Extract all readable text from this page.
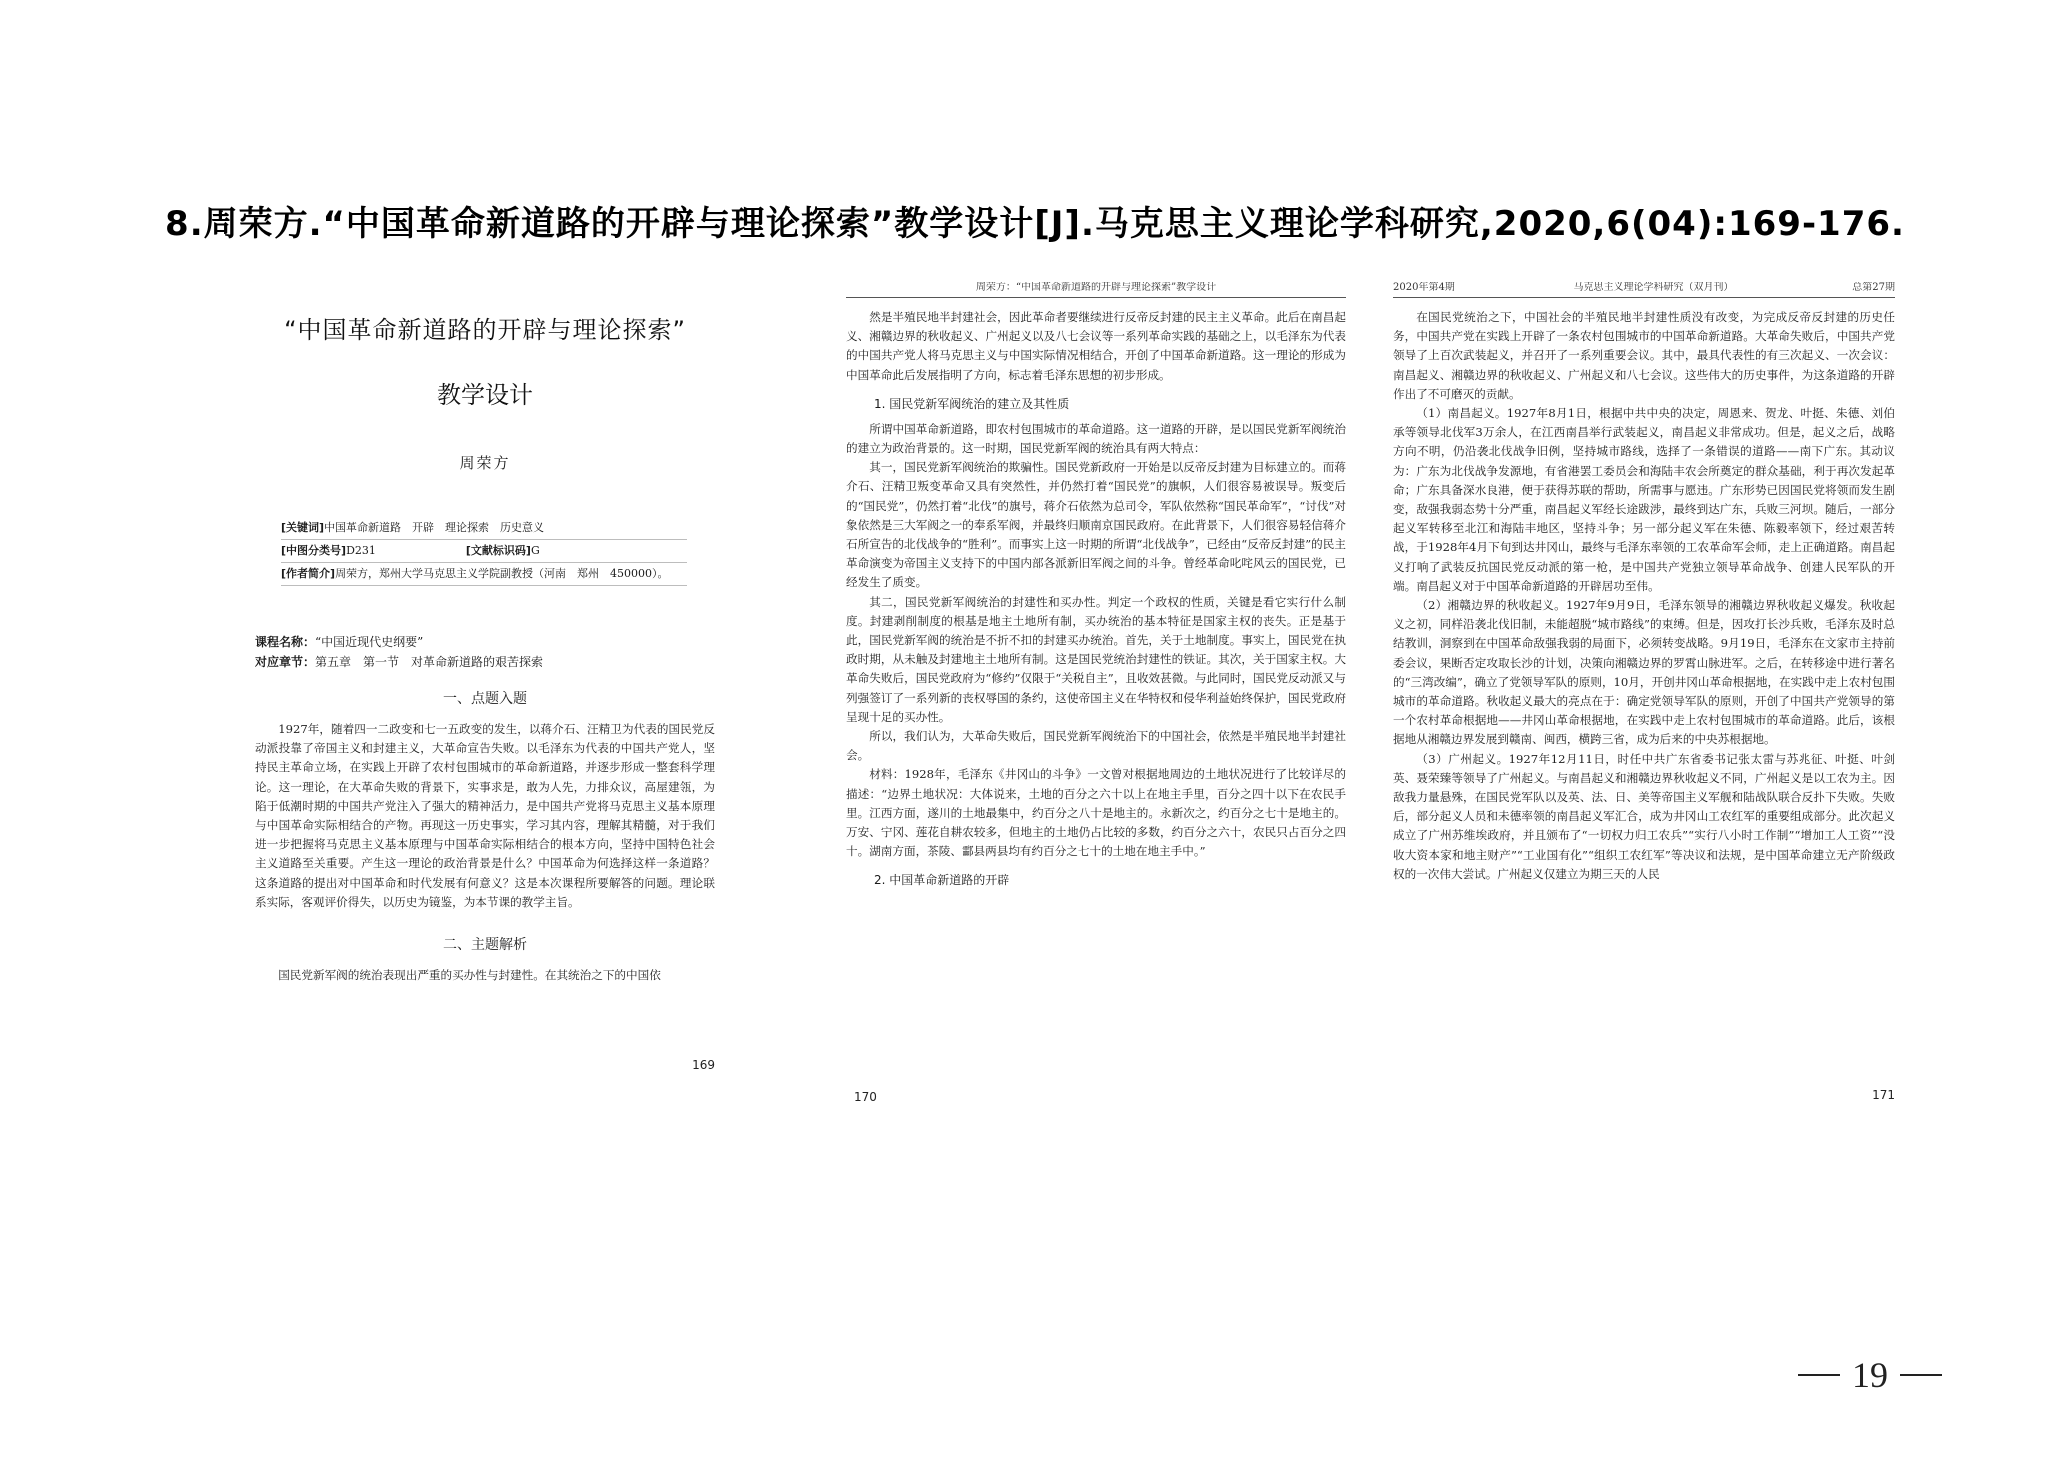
8.周荣方.“中国革命新道路的开辟与理论探索”教学设计[J].马克思主义理论学科研究,2020,6(04):169-176.
“中国革命新道路的开辟与理论探索”
教学设计
周荣方
[关键词]中国革命新道路　开辟　理论探索　历史意义
[中图分类号]D231	[文献标识码]G
[作者简介]周荣方，郑州大学马克思主义学院副教授（河南　郑州　450000）。
课程名称：“中国近现代史纲要”
对应章节：第五章　第一节　对革命新道路的艰苦探索
一、点题入题

1927年，随着四一二政变和七一五政变的发生，以蒋介石、汪精卫为代表的国民党反动派投靠了帝国主义和封建主义，大革命宣告失败。以毛泽东为代表的中国共产党人，坚持民主革命立场，在实践上开辟了农村包围城市的革命新道路，并逐步形成一整套科学理论。这一理论，在大革命失败的背景下，实事求是，敢为人先，力排众议，高屋建瓴，为陷于低潮时期的中国共产党注入了强大的精神活力，是中国共产党将马克思主义基本原理与中国革命实际相结合的产物。再现这一历史事实，学习其内容，理解其精髓，对于我们进一步把握将马克思主义基本原理与中国革命实际相结合的根本方向，坚持中国特色社会主义道路至关重要。产生这一理论的政治背景是什么？中国革命为何选择这样一条道路？这条道路的提出对中国革命和时代发展有何意义？这是本次课程所要解答的问题。理论联系实际，客观评价得失，以历史为镜鉴，为本节课的教学主旨。

二、主题解析

国民党新军阀的统治表现出严重的买办性与封建性。在其统治之下的中国依

169
周荣方：“中国革命新道路的开辟与理论探索”教学设计

然是半殖民地半封建社会，因此革命者要继续进行反帝反封建的民主主义革命。此后在南昌起义、湘赣边界的秋收起义、广州起义以及八七会议等一系列革命实践的基础之上，以毛泽东为代表的中国共产党人将马克思主义与中国实际情况相结合，开创了中国革命新道路。这一理论的形成为中国革命此后发展指明了方向，标志着毛泽东思想的初步形成。

1. 国民党新军阀统治的建立及其性质

所谓中国革命新道路，即农村包围城市的革命道路。这一道路的开辟，是以国民党新军阀统治的建立为政治背景的。这一时期，国民党新军阀的统治具有两大特点：

其一，国民党新军阀统治的欺骗性。国民党新政府一开始是以反帝反封建为目标建立的。而蒋介石、汪精卫叛变革命又具有突然性，并仍然打着“国民党”的旗帜，人们很容易被误导。叛变后的“国民党”，仍然打着“北伐”的旗号，蒋介石依然为总司令，军队依然称“国民革命军”，“讨伐”对象依然是三大军阀之一的奉系军阀，并最终归顺南京国民政府。在此背景下，人们很容易轻信蒋介石所宣告的北伐战争的“胜利”。而事实上这一时期的所谓“北伐战争”，已经由“反帝反封建”的民主革命演变为帝国主义支持下的中国内部各派新旧军阀之间的斗争。曾经革命叱咤风云的国民党，已经发生了质变。

其二，国民党新军阀统治的封建性和买办性。判定一个政权的性质，关键是看它实行什么制度。封建剥削制度的根基是地主土地所有制，买办统治的基本特征是国家主权的丧失。正是基于此，国民党新军阀的统治是不折不扣的封建买办统治。首先，关于土地制度。事实上，国民党在执政时期，从未触及封建地主土地所有制。这是国民党统治封建性的铁证。其次，关于国家主权。大革命失败后，国民党政府为“修约”仅限于“关税自主”，且收效甚微。与此同时，国民党反动派又与列强签订了一系列新的丧权辱国的条约，这使帝国主义在华特权和侵华利益始终保护，国民党政府呈现十足的买办性。

所以，我们认为，大革命失败后，国民党新军阀统治下的中国社会，依然是半殖民地半封建社会。

材料：1928年，毛泽东《井冈山的斗争》一文曾对根据地周边的土地状况进行了比较详尽的描述：“边界土地状况：大体说来，土地的百分之六十以上在地主手里，百分之四十以下在农民手里。江西方面，遂川的土地最集中，约百分之八十是地主的。永新次之，约百分之七十是地主的。万安、宁冈、莲花自耕农较多，但地主的土地仍占比较的多数，约百分之六十，农民只占百分之四十。湖南方面，茶陵、酃县两县均有约百分之七十的土地在地主手中。”

2. 中国革命新道路的开辟
170
2020年第4期	马克思主义理论学科研究（双月刊）	总第27期

在国民党统治之下，中国社会的半殖民地半封建性质没有改变，为完成反帝反封建的历史任务，中国共产党在实践上开辟了一条农村包围城市的中国革命新道路。大革命失败后，中国共产党领导了上百次武装起义，并召开了一系列重要会议。其中，最具代表性的有三次起义、一次会议：南昌起义、湘赣边界的秋收起义、广州起义和八七会议。这些伟大的历史事件，为这条道路的开辟作出了不可磨灭的贡献。

（1）南昌起义。1927年8月1日，根据中共中央的决定，周恩来、贺龙、叶挺、朱德、刘伯承等领导北伐军3万余人，在江西南昌举行武装起义，南昌起义非常成功。但是，起义之后，战略方向不明，仍沿袭北伐战争旧例，坚持城市路线，选择了一条错误的道路——南下广东。其动议为：广东为北伐战争发源地，有省港罢工委员会和海陆丰农会所奠定的群众基础，利于再次发起革命；广东具备深水良港，便于获得苏联的帮助，所需事与愿违。广东形势已因国民党将领而发生剧变，敌强我弱态势十分严重，南昌起义军经长途跋涉，最终到达广东，兵败三河坝。随后，一部分起义军转移至北江和海陆丰地区，坚持斗争；另一部分起义军在朱德、陈毅率领下，经过艰苦转战，于1928年4月下旬到达井冈山，最终与毛泽东率领的工农革命军会师，走上正确道路。南昌起义打响了武装反抗国民党反动派的第一枪，是中国共产党独立领导革命战争、创建人民军队的开端。南昌起义对于中国革命新道路的开辟居功至伟。

（2）湘赣边界的秋收起义。1927年9月9日，毛泽东领导的湘赣边界秋收起义爆发。秋收起义之初，同样沿袭北伐旧制，未能超脱“城市路线”的束缚。但是，因攻打长沙兵败，毛泽东及时总结教训，洞察到在中国革命敌强我弱的局面下，必须转变战略。9月19日，毛泽东在文家市主持前委会议，果断否定攻取长沙的计划，决策向湘赣边界的罗霄山脉进军。之后，在转移途中进行著名的“三湾改编”，确立了党领导军队的原则，10月，开创井冈山革命根据地，在实践中走上农村包围城市的革命道路。秋收起义最大的亮点在于：确定党领导军队的原则，开创了中国共产党领导的第一个农村革命根据地——井冈山革命根据地，在实践中走上农村包围城市的革命道路。此后，该根据地从湘赣边界发展到赣南、闽西，横跨三省，成为后来的中央苏根据地。

（3）广州起义。1927年12月11日，时任中共广东省委书记张太雷与苏兆征、叶挺、叶剑英、聂荣臻等领导了广州起义。与南昌起义和湘赣边界秋收起义不同，广州起义是以工农为主。因敌我力量悬殊，在国民党军队以及英、法、日、美等帝国主义军舰和陆战队联合反扑下失败。失败后，部分起义人员和未德率领的南昌起义军汇合，成为井冈山工农红军的重要组成部分。此次起义成立了广州苏维埃政府，并且颁布了“一切权力归工农兵”“实行八小时工作制”“增加工人工资”“没收大资本家和地主财产”“工业国有化”“组织工农红军”等决议和法规，是中国革命建立无产阶级政权的一次伟大尝试。广州起义仅建立为期三天的人民

171
19
